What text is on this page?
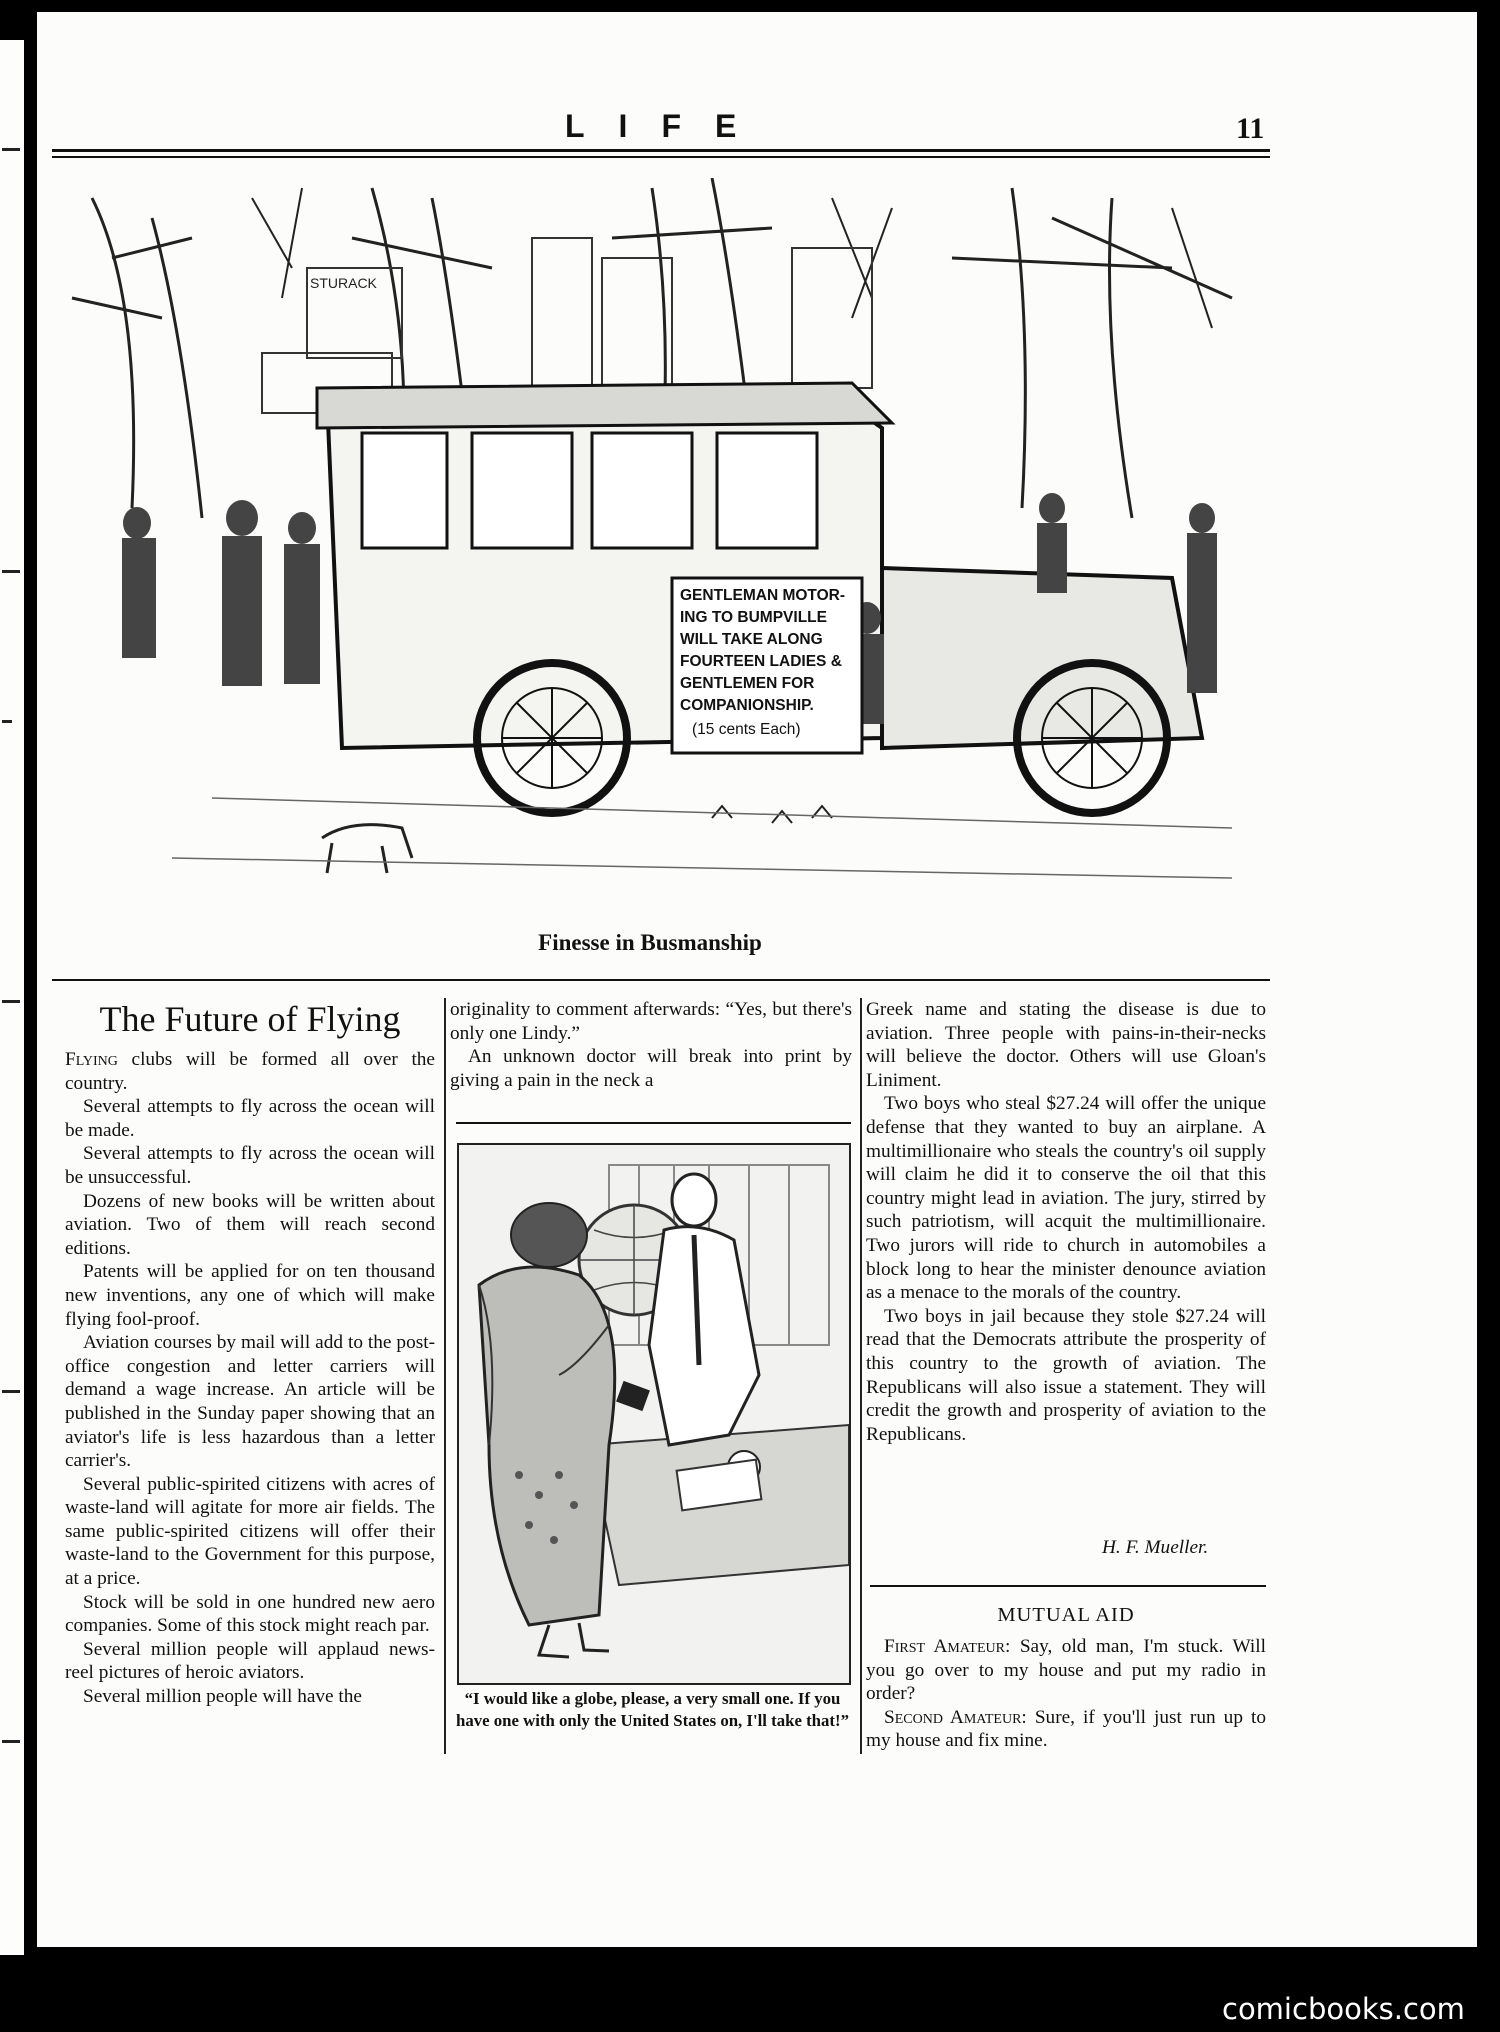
LIFE	11
STURACK
GENTLEMAN MOTOR-
ING TO BUMPVILLE
WILL TAKE ALONG
FOURTEEN LADIES &
GENTLEMEN FOR
COMPANIONSHIP.
(15 cents Each)
Finesse in Busmanship
The Future of Flying

Flying clubs will be formed all over the country.

Several attempts to fly across the ocean will be made.

Several attempts to fly across the ocean will be unsuccessful.

Dozens of new books will be written about aviation. Two of them will reach second editions.

Patents will be applied for on ten thousand new inventions, any one of which will make flying fool-proof.

Aviation courses by mail will add to the post-office congestion and letter carriers will demand a wage increase. An article will be published in the Sunday paper showing that an aviator's life is less hazardous than a letter carrier's.

Several public-spirited citizens with acres of waste-land will agitate for more air fields. The same public-spirited citizens will offer their waste-land to the Government for this purpose, at a price.

Stock will be sold in one hundred new aero companies. Some of this stock might reach par.

Several million people will applaud news-reel pictures of heroic aviators.

Several million people will have the

originality to comment afterwards: “Yes, but there's only one Lindy.”

An unknown doctor will break into print by giving a pain in the neck a

“I would like a globe, please, a very small one. If you have one with only the United States on, I'll take that!”

Greek name and stating the disease is due to aviation. Three people with pains-in-their-necks will believe the doctor. Others will use Gloan's Liniment.

Two boys who steal $27.24 will offer the unique defense that they wanted to buy an airplane. A multimillionaire who steals the country's oil supply will claim he did it to conserve the oil that this country might lead in aviation. The jury, stirred by such patriotism, will acquit the multimillionaire. Two jurors will ride to church in automobiles a block long to hear the minister denounce aviation as a menace to the morals of the country.

Two boys in jail because they stole $27.24 will read that the Democrats attribute the prosperity of this country to the growth of aviation. The Republicans will also issue a statement. They will credit the growth and prosperity of aviation to the Republicans.

H. F. Mueller.
MUTUAL AID

First Amateur: Say, old man, I'm stuck. Will you go over to my house and put my radio in order?

Second Amateur: Sure, if you'll just run up to my house and fix mine.

comicbooks.com
